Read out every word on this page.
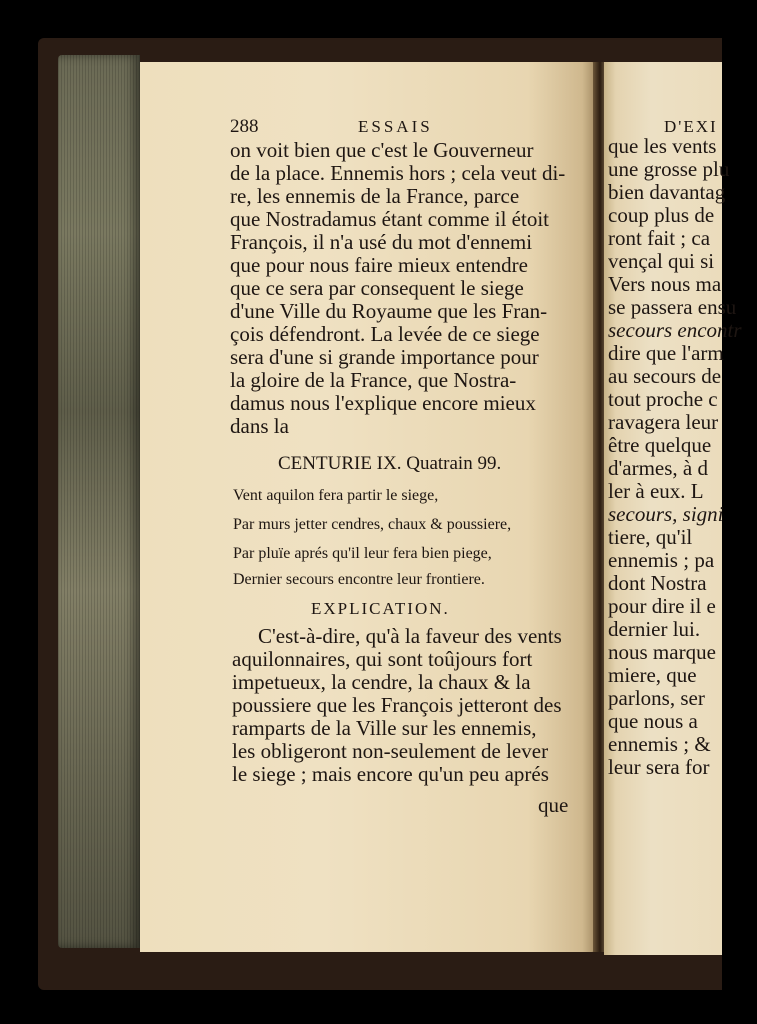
288	ESSAIS
on voit bien que c'est le Gouverneur
de la place. Ennemis hors ; cela veut di-
re, les ennemis de la France, parce
que Nostradamus étant comme il étoit
François, il n'a usé du mot d'ennemi
que pour nous faire mieux entendre
que ce sera par consequent le siege
d'une Ville du Royaume que les Fran-
çois défendront. La levée de ce siege
sera d'une si grande importance pour
la gloire de la France, que Nostra-
damus nous l'explique encore mieux
dans la
CENTURIE IX. Quatrain 99.
Vent aquilon fera partir le siege,
Par murs jetter cendres, chaux & poussiere,
Par pluïe aprés qu'il leur fera bien piege,
Dernier secours encontre leur frontiere.
EXPLICATION.
C'est-à-dire, qu'à la faveur des vents
aquilonnaires, qui sont toûjours fort
impetueux, la cendre, la chaux & la
poussiere que les François jetteront des
ramparts de la Ville sur les ennemis,
les obligeront non-seulement de lever
le siege ; mais encore qu'un peu aprés
que
D'EXI
que les vents
une grosse plu
bien davantag
coup plus de
ront fait ; ca
vençal qui si
Vers nous ma
se passera ensu
secours encontr
dire que l'arm
au secours de
tout proche c
ravagera leur
être quelque
d'armes, à d
ler à eux. L
secours, signi
tiere, qu'il
ennemis ; pa
dont Nostra
pour dire il e
dernier lui.
nous marque
miere, que
parlons, ser
que nous a
ennemis ; &
leur sera for
